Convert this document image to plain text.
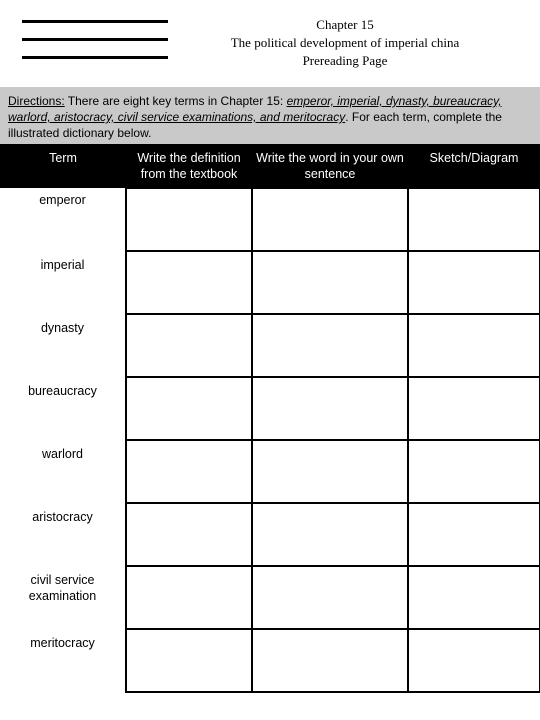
Chapter 15
The political development of imperial china
Prereading Page
Directions: There are eight key terms in Chapter 15: emperor, imperial, dynasty, bureaucracy, warlord, aristocracy, civil service examinations, and meritocracy. For each term, complete the illustrated dictionary below.
Term	Write the definition from the textbook	Write the word in your own sentence	Sketch/Diagram
emperor			
imperial			
dynasty			
bureaucracy			
warlord			
aristocracy			
civil service examination			
meritocracy			
